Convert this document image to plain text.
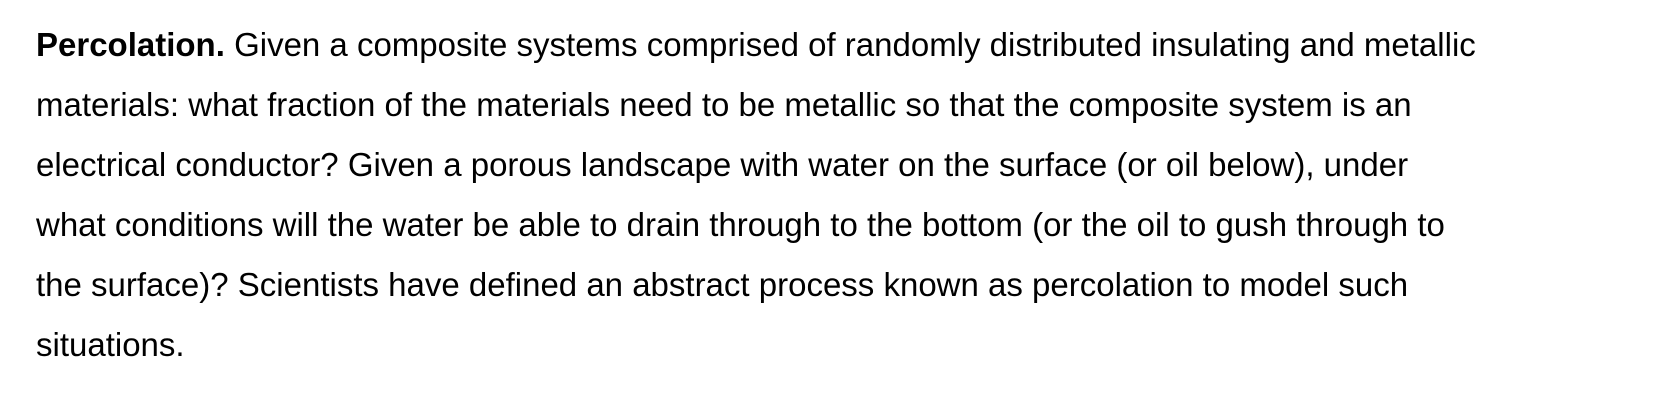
Percolation. Given a composite systems comprised of randomly distributed insulating and metallic
materials: what fraction of the materials need to be metallic so that the composite system is an
electrical conductor? Given a porous landscape with water on the surface (or oil below), under
what conditions will the water be able to drain through to the bottom (or the oil to gush through to
the surface)? Scientists have defined an abstract process known as percolation to model such
situations.
